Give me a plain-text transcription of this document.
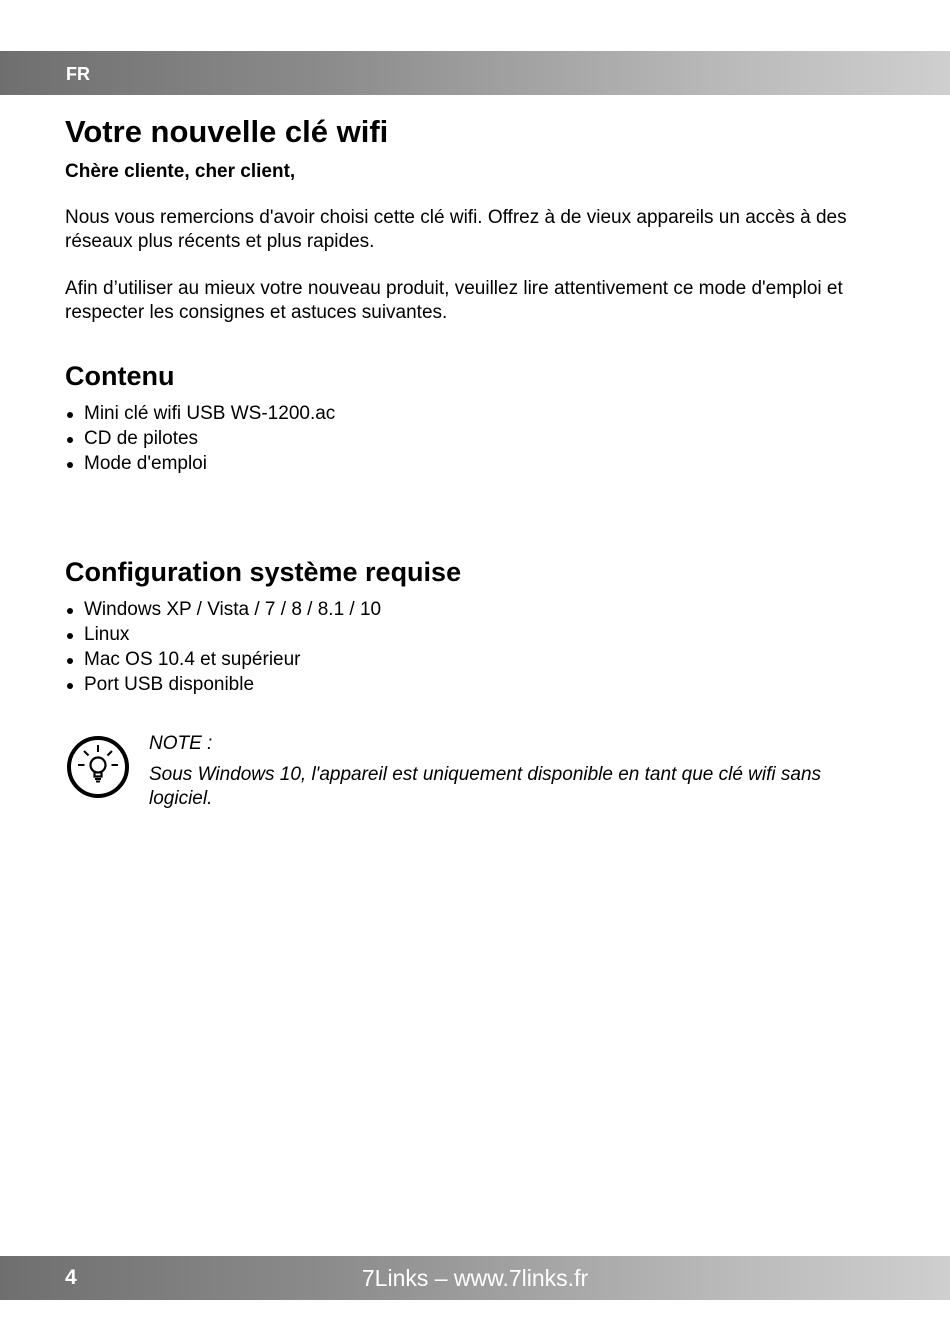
FR
Votre nouvelle clé wifi

Chère cliente, cher client,

Nous vous remercions d'avoir choisi cette clé wifi. Offrez à de vieux appareils un accès à des réseaux plus récents et plus rapides.

Afin d’utiliser au mieux votre nouveau produit, veuillez lire attentivement ce mode d'emploi et respecter les consignes et astuces suivantes.

Contenu
Mini clé wifi USB WS-1200.ac
CD de pilotes
Mode d'emploi
Configuration système requise
Windows XP / Vista / 7 / 8 / 8.1 / 10
Linux
Mac OS 10.4 et supérieur
Port USB disponible

NOTE :

Sous Windows 10, l'appareil est uniquement disponible en tant que clé wifi sans logiciel.

7Links – www.7links.fr
4
